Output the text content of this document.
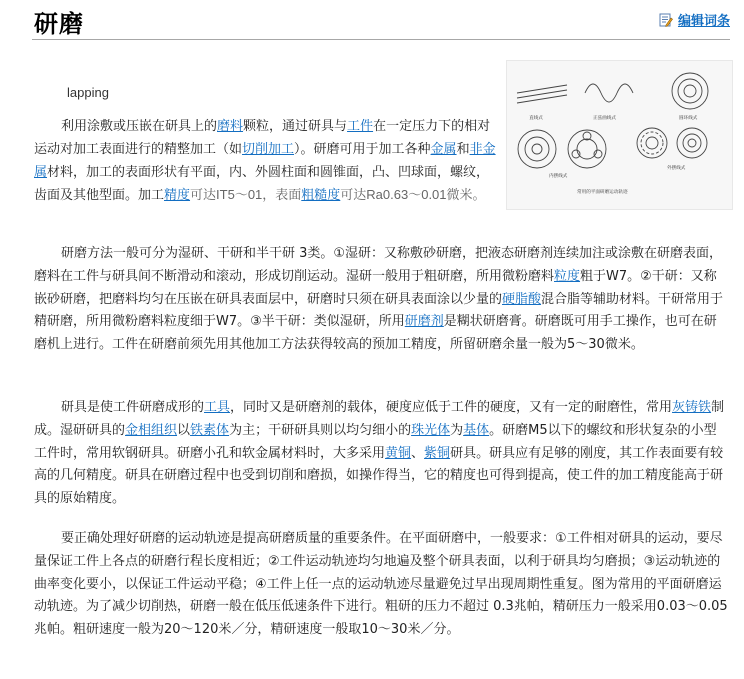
研磨	编辑词条
直线式	正弦曲线式	圆环线式
内摆线式
外摆线式
常用的平面研磨运动轨迹
lapping

利用涂敷或压嵌在研具上的磨料颗粒，通过研具与工件在一定压力下的相对运动对加工表面进行的精整加工（如切削加工）。研磨可用于加工各种金属和非金属材料，加工的表面形状有平面，内、外圆柱面和圆锥面，凸、凹球面，螺纹，齿面及其他型面。加工精度可达IT5～01，表面粗糙度可达Ra0.63～0.01微米。

研磨方法一般可分为湿研、干研和半干研 3类。①湿研：又称敷砂研磨，把液态研磨剂连续加注或涂敷在研磨表面，磨料在工件与研具间不断滑动和滚动，形成切削运动。湿研一般用于粗研磨，所用微粉磨料粒度粗于W7。②干研：又称嵌砂研磨，把磨料均匀在压嵌在研具表面层中，研磨时只须在研具表面涂以少量的硬脂酸混合脂等辅助材料。干研常用于精研磨，所用微粉磨料粒度细于W7。③半干研：类似湿研，所用研磨剂是糊状研磨膏。研磨既可用手工操作，也可在研磨机上进行。工件在研磨前须先用其他加工方法获得较高的预加工精度，所留研磨余量一般为5～30微米。

研具是使工件研磨成形的工具，同时又是研磨剂的载体，硬度应低于工件的硬度，又有一定的耐磨性，常用灰铸铁制成。湿研研具的金相组织以铁素体为主；干研研具则以均匀细小的珠光体为基体。研磨M5以下的螺纹和形状复杂的小型工件时，常用软钢研具。研磨小孔和软金属材料时，大多采用黄铜、紫铜研具。研具应有足够的刚度，其工作表面要有较高的几何精度。研具在研磨过程中也受到切削和磨损，如操作得当，它的精度也可得到提高，使工件的加工精度能高于研具的原始精度。

要正确处理好研磨的运动轨迹是提高研磨质量的重要条件。在平面研磨中，一般要求：①工件相对研具的运动，要尽量保证工件上各点的研磨行程长度相近；②工件运动轨迹均匀地遍及整个研具表面，以利于研具均匀磨损；③运动轨迹的曲率变化要小，以保证工件运动平稳；④工件上任一点的运动轨迹尽量避免过早出现周期性重复。图为常用的平面研磨运动轨迹。为了减少切削热，研磨一般在低压低速条件下进行。粗研的压力不超过 0.3兆帕，精研压力一般采用0.03～0.05兆帕。粗研速度一般为20～120米／分，精研速度一般取10～30米／分。
